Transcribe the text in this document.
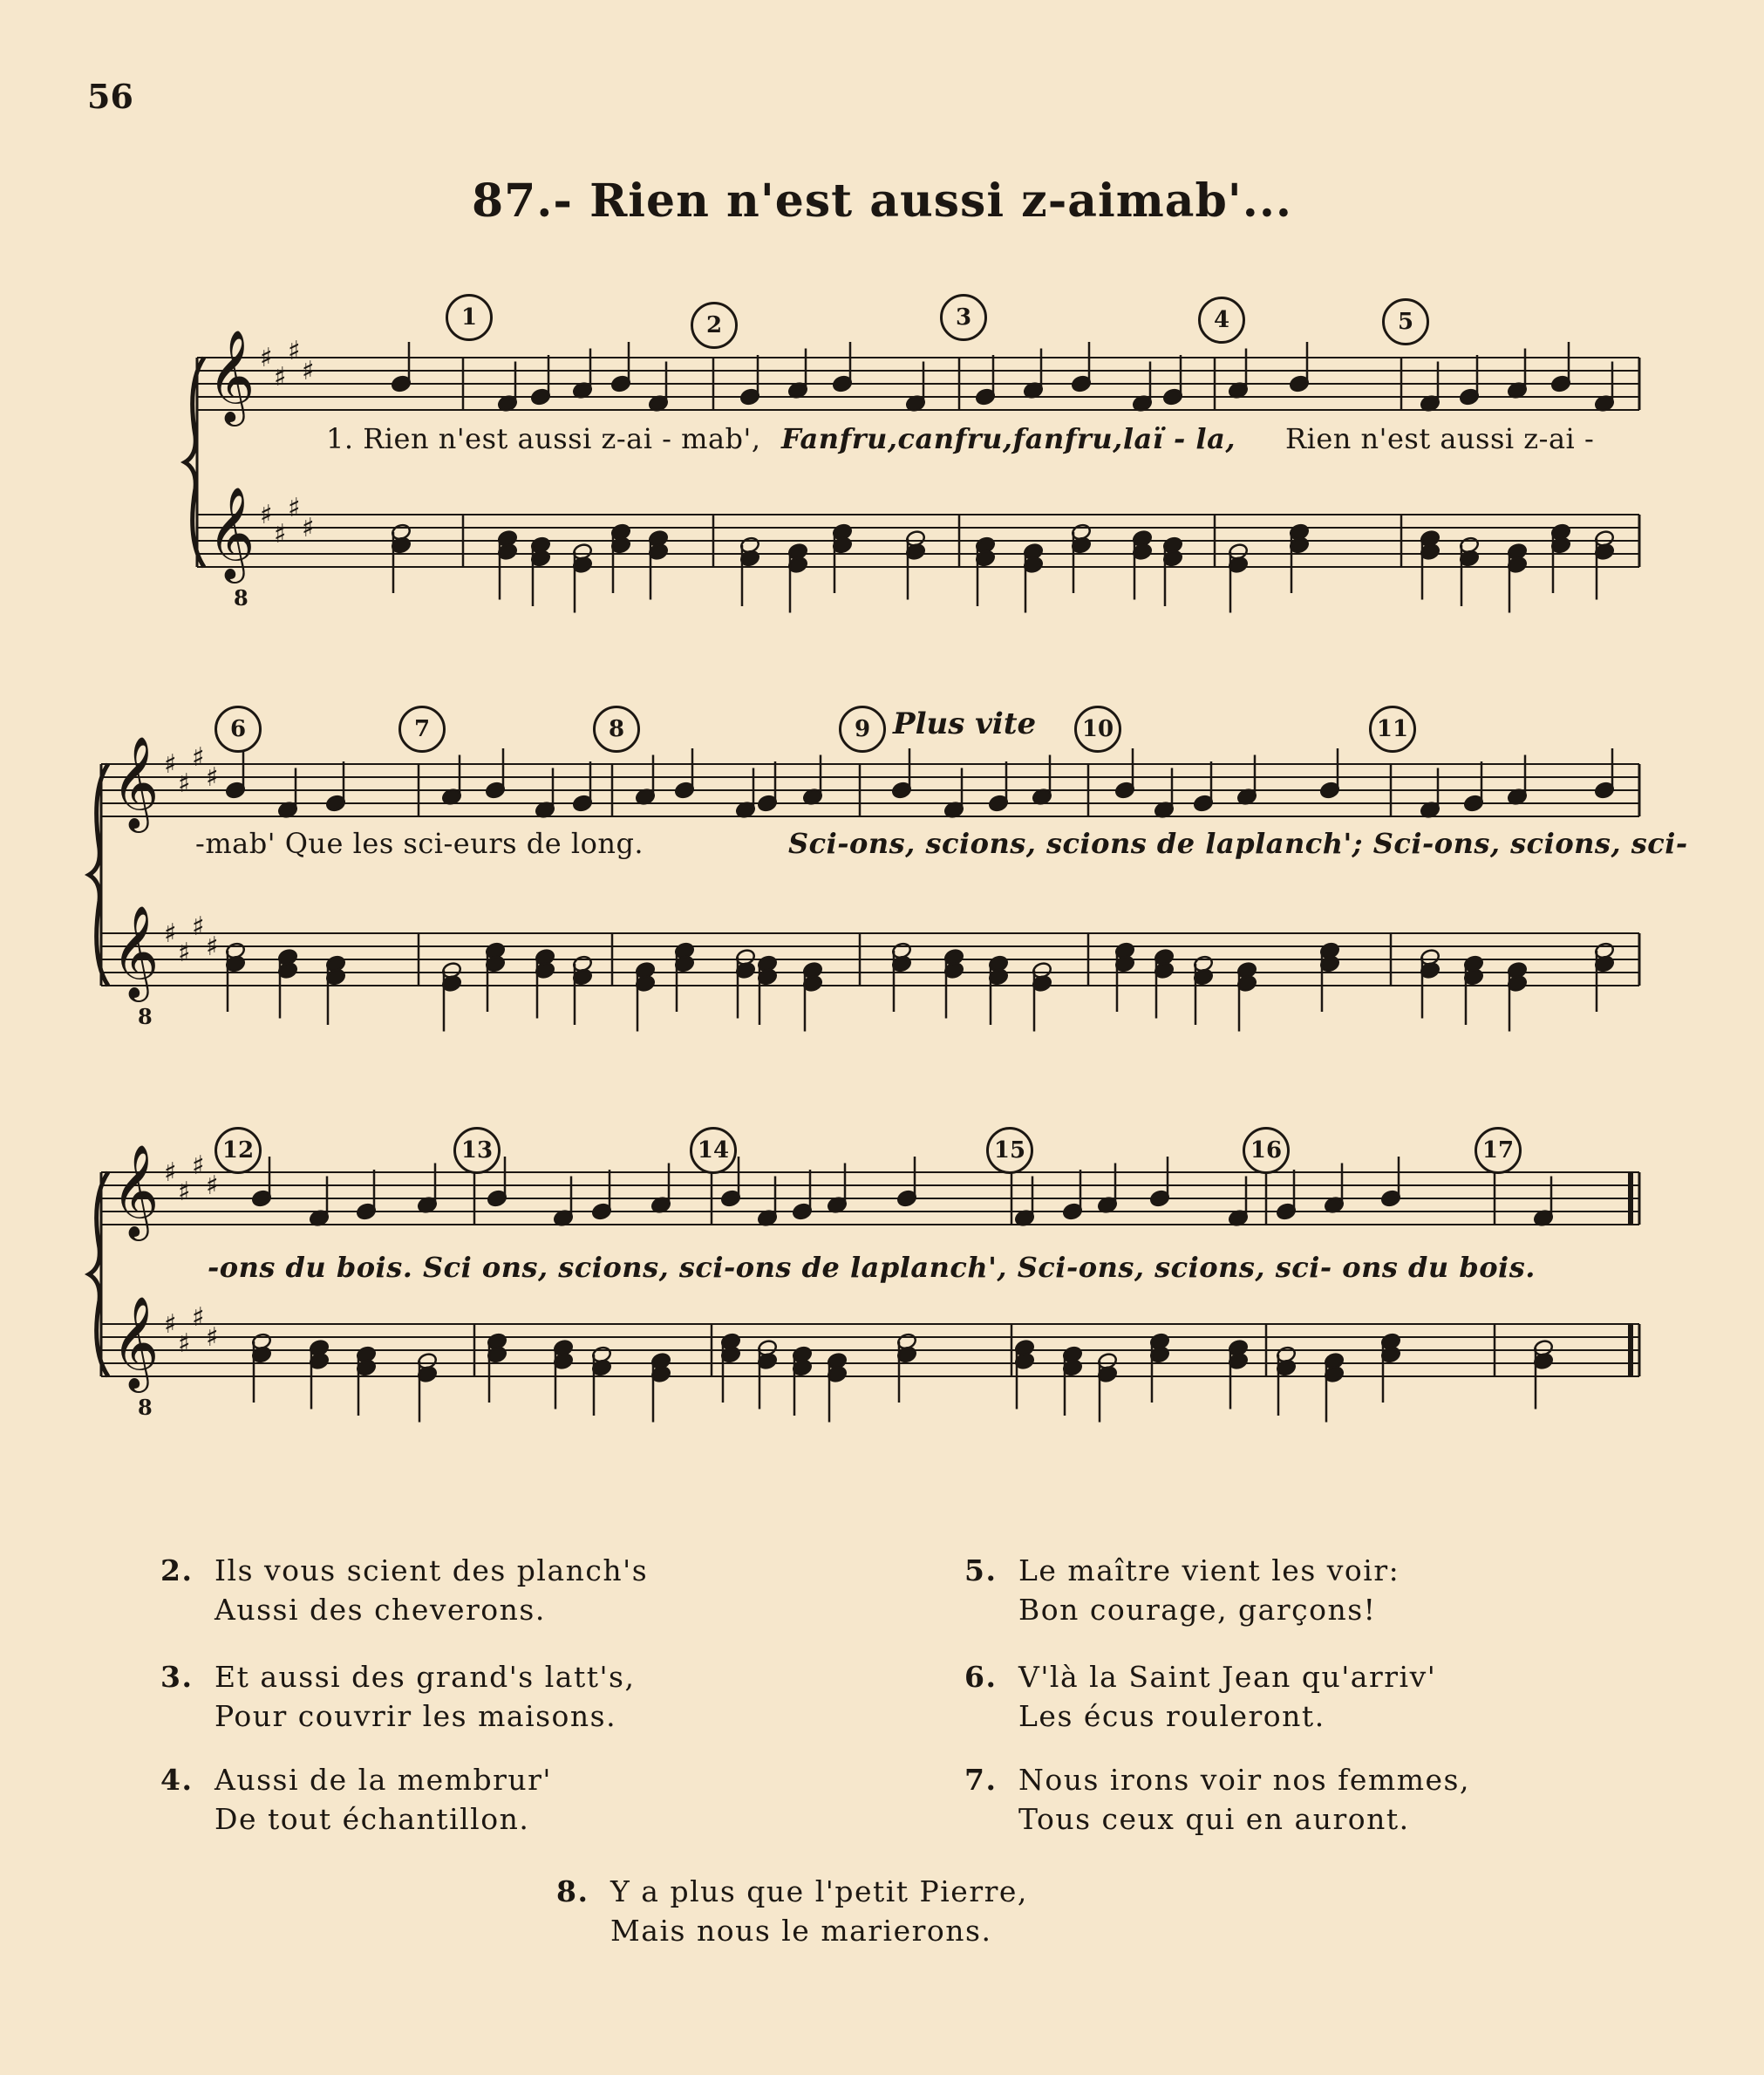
56
87.- Rien n'est aussi z-aimab'...
𝄞
𝄞
8
♯
♯
♯
♯
♯
♯
♯
♯
𝄞
𝄞
8
♯
♯
♯
♯
♯
♯
♯
♯
𝄞
𝄞
8
♯
♯
♯
♯
♯
♯
♯
♯
1	2	3	4	5
1. Rien n'est aussi z-ai - mab', Fanfru,canfru,fanfru,laï - la, Rien n'est aussi z-ai -
6	7	8	9	10	11
Plus vite
-mab' Que les sci-eurs de long.	Sci-ons, scions, scions de laplanch'; Sci-ons, scions, sci-
12	13	14	15	16	17
-ons du bois. Sci ons, scions, sci-ons de laplanch', Sci-ons, scions, sci- ons du bois.
2. Ils vous scient des planch's
Aussi des cheverons.
3. Et aussi des grand's latt's,
Pour couvrir les maisons.
4. Aussi de la membrur'
De tout échantillon.
5. Le maître vient les voir:
Bon courage, garçons!
6. V'là la Saint Jean qu'arriv'
Les écus rouleront.
7. Nous irons voir nos femmes,
Tous ceux qui en auront.
8. Y a plus que l'petit Pierre,
Mais nous le marierons.
